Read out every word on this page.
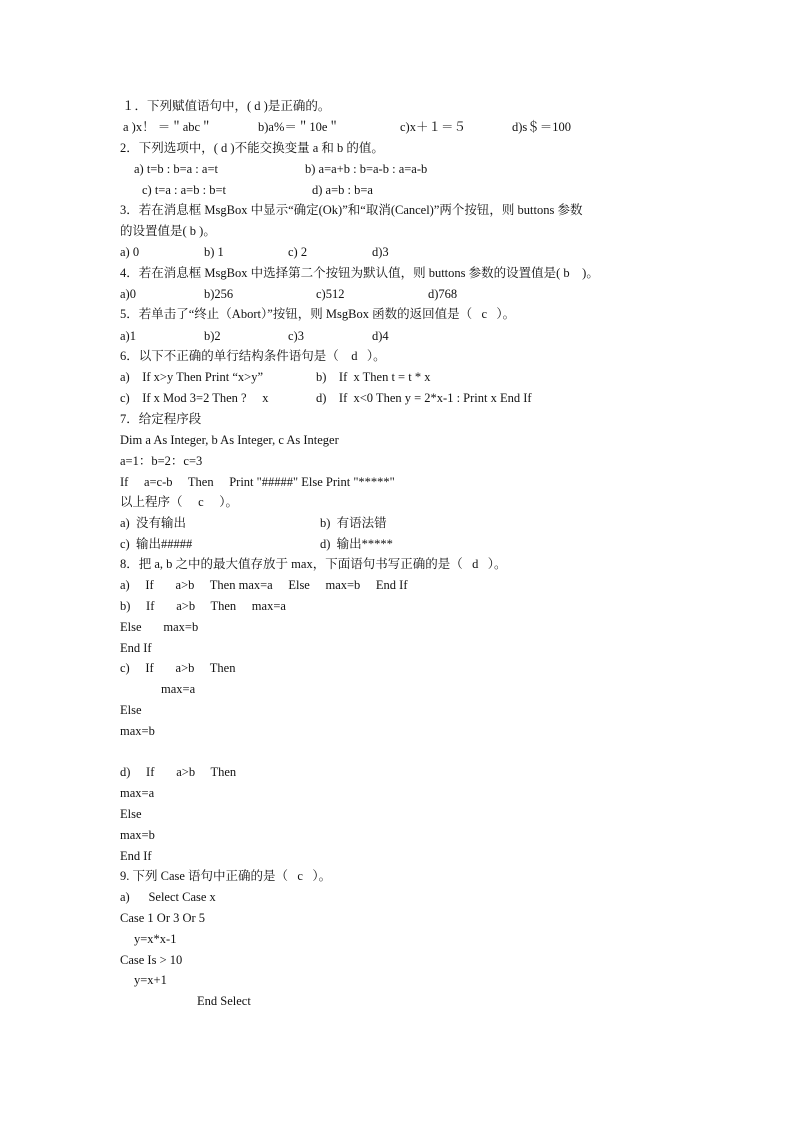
１．下列赋值语句中，( d )是正确的。
a )x！ ＝＂abc＂	b)a%＝＂10e＂	c)x＋１＝５	d)s＄＝100
2．下列选项中，( d )不能交换变量 a 和 b 的值。
a) t=b : b=a : a=t	b) a=a+b : b=a-b : a=a-b
c) t=a : a=b : b=t	d) a=b : b=a
3．若在消息框 MsgBox 中显示“确定(Ok)”和“取消(Cancel)”两个按钮，则 buttons 参数
的设置值是( b )。
a) 0	b) 1	c) 2	d)3
4．若在消息框 MsgBox 中选择第二个按钮为默认值，则 buttons 参数的设置值是( b    )。
a)0	b)256	c)512	d)768
5．若单击了“终止（Abort）”按钮，则 MsgBox 函数的返回值是（   c   ）。
a)1	b)2	c)3	d)4
6．以下不正确的单行结构条件语句是（    d   ）。
a)    If x>y Then Print “x>y”	b)    If  x Then t = t * x
c)    If x Mod 3=2 Then ?     x	d)    If  x<0 Then y = 2*x-1 : Print x End If
7．给定程序段
Dim a As Integer, b As Integer, c As Integer
a=1：b=2：c=3
If     a=c-b     Then     Print "#####" Else Print "*****"
以上程序（     c     ）。
a)  没有输出	b)  有语法错
c)  输出#####	d)  输出*****
8．把 a, b 之中的最大值存放于 max，下面语句书写正确的是（   d   ）。
a)     If       a>b     Then max=a     Else     max=b     End If
b)     If       a>b     Then     max=a
Else       max=b
End If
c)     If       a>b     Then
max=a
Else
max=b
d)     If       a>b     Then
max=a
Else
max=b
End If
9. 下列 Case 语句中正确的是（   c   ）。
a)      Select Case x
Case 1 Or 3 Or 5
y=x*x-1
Case Is > 10
y=x+1
End Select
